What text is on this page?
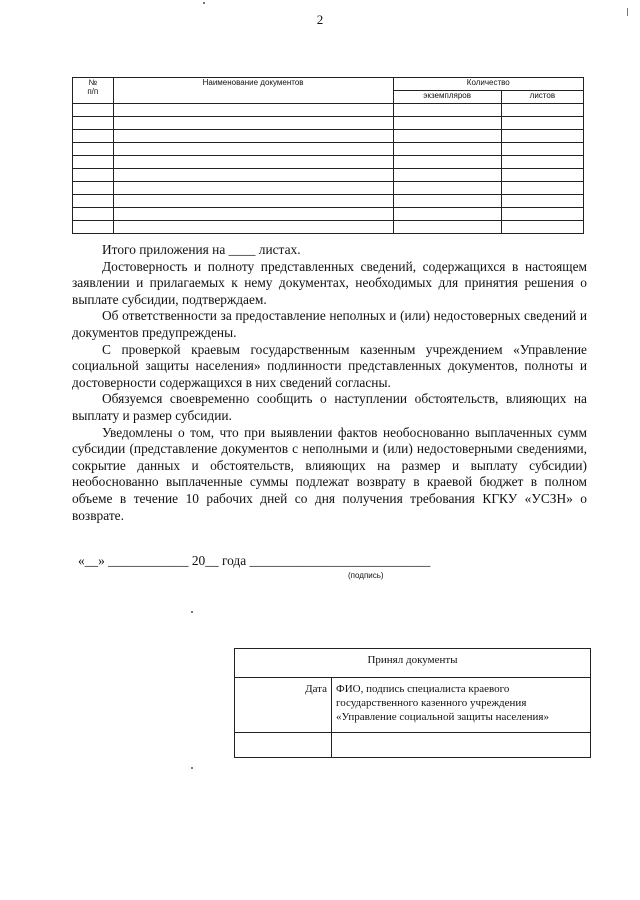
2
№
п/п	Наименование документов	Количество	
		экземпляров	листов

Итого приложения на ____ листах.

Достоверность и полноту представленных сведений, содержащихся в настоящем заявлении и прилагаемых к нему документах, необходимых для принятия решения о выплате субсидии, подтверждаем.

Об ответственности за предоставление неполных и (или) недостоверных сведений и документов предупреждены.

С проверкой краевым государственным казенным учреждением «Управление социальной защиты населения» подлинности представленных документов, полноты и достоверности содержащихся в них сведений согласны.

Обязуемся своевременно сообщить о наступлении обстоятельств, влияющих на выплату и размер субсидии.

Уведомлены о том, что при выявлении фактов необоснованно выплаченных сумм субсидии (представление документов с неполными и (или) недостоверными сведениями, сокрытие данных и обстоятельств, влияющих на размер и выплату субсидии) необоснованно выплаченные суммы подлежат возврату в краевой бюджет в полном объеме в течение 10 рабочих дней со дня получения требования КГКУ «УСЗН» о возврате.

«__» ____________ 20__ года ___________________________
(подпись)
Принял документы	
Дата	ФИО, подпись специалиста краевого государственного казенного учреждения «Управление социальной защиты населения»
